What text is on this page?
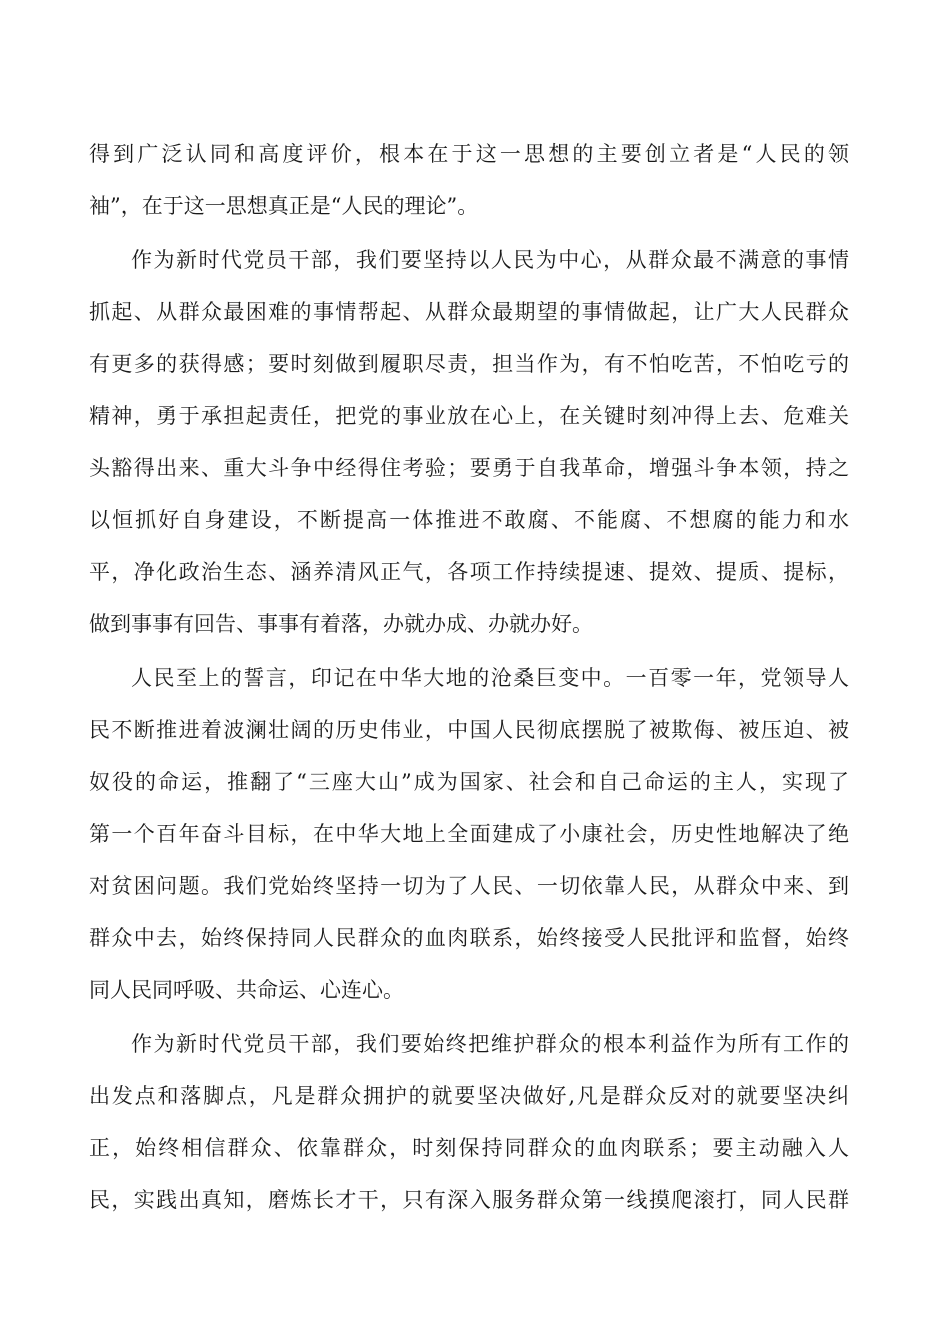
得到广泛认同和高度评价，根本在于这一思想的主要创立者是“人民的领
袖”，在于这一思想真正是“人民的理论”。
作为新时代党员干部，我们要坚持以人民为中心，从群众最不满意的事情
抓起、从群众最困难的事情帮起、从群众最期望的事情做起，让广大人民群众
有更多的获得感；要时刻做到履职尽责，担当作为，有不怕吃苦，不怕吃亏的
精神，勇于承担起责任，把党的事业放在心上，在关键时刻冲得上去、危难关
头豁得出来、重大斗争中经得住考验；要勇于自我革命，增强斗争本领，持之
以恒抓好自身建设，不断提高一体推进不敢腐、不能腐、不想腐的能力和水
平，净化政治生态、涵养清风正气，各项工作持续提速、提效、提质、提标，
做到事事有回告、事事有着落，办就办成、办就办好。
人民至上的誓言，印记在中华大地的沧桑巨变中。一百零一年，党领导人
民不断推进着波澜壮阔的历史伟业，中国人民彻底摆脱了被欺侮、被压迫、被
奴役的命运，推翻了“三座大山”成为国家、社会和自己命运的主人，实现了
第一个百年奋斗目标，在中华大地上全面建成了小康社会，历史性地解决了绝
对贫困问题。我们党始终坚持一切为了人民、一切依靠人民，从群众中来、到
群众中去，始终保持同人民群众的血肉联系，始终接受人民批评和监督，始终
同人民同呼吸、共命运、心连心。
作为新时代党员干部，我们要始终把维护群众的根本利益作为所有工作的
出发点和落脚点，凡是群众拥护的就要坚决做好,凡是群众反对的就要坚决纠
正，始终相信群众、依靠群众，时刻保持同群众的血肉联系；要主动融入人
民，实践出真知，磨炼长才干，只有深入服务群众第一线摸爬滚打，同人民群
